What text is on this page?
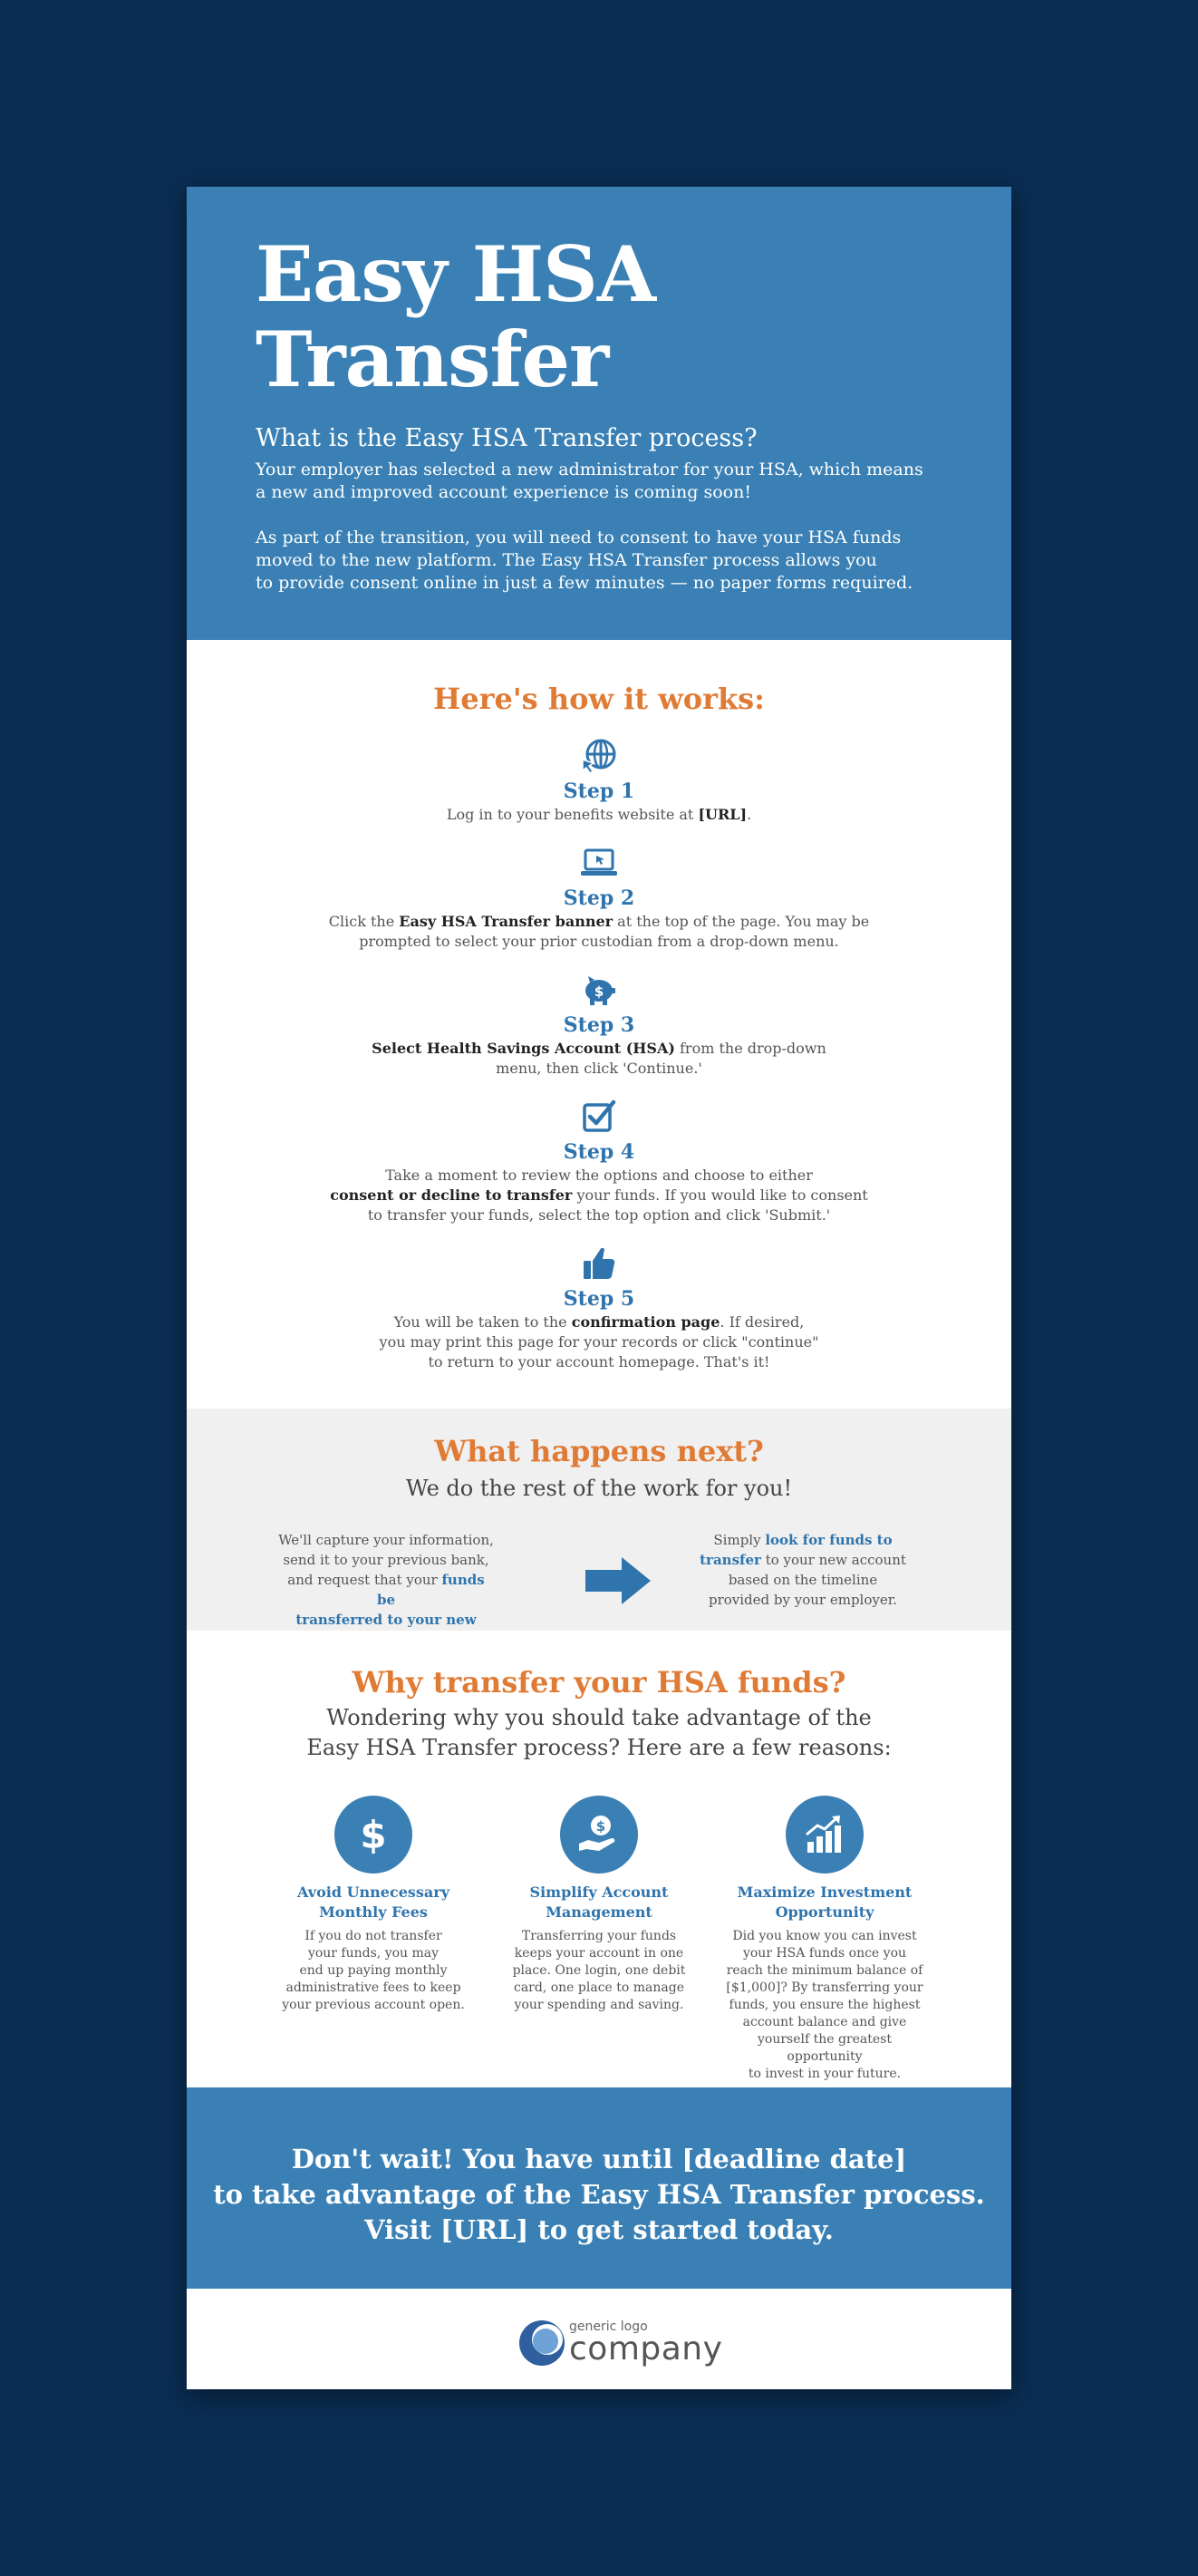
Easy HSA
Transfer
What is the Easy HSA Transfer process?

Your employer has selected a new administrator for your HSA, which means
a new and improved account experience is coming soon!

As part of the transition, you will need to consent to have your HSA funds
moved to the new platform. The Easy HSA Transfer process allows you
to provide consent online in just a few minutes — no paper forms required.

Here's how it works:
Step 1

Log in to your benefits website at [URL].

Step 2

Click the Easy HSA Transfer banner at the top of the page. You may be
prompted to select your prior custodian from a drop-down menu.

$
Step 3

Select Health Savings Account (HSA) from the drop-down
menu, then click 'Continue.'

Step 4

Take a moment to review the options and choose to either
consent or decline to transfer your funds. If you would like to consent
to transfer your funds, select the top option and click 'Submit.'

Step 5

You will be taken to the confirmation page. If desired,
you may print this page for your records or click "continue"
to return to your account homepage. That's it!

What happens next?

We do the rest of the work for you!

We'll capture your information,
send it to your previous bank,
and request that your funds be
transferred to your new
Simply look for funds to
transfer to your new account
based on the timeline
provided by your employer.
Why transfer your HSA funds?

Wondering why you should take advantage of the
Easy HSA Transfer process? Here are a few reasons:

$
Avoid Unnecessary
Monthly Fees

If you do not transfer
your funds, you may
end up paying monthly
administrative fees to keep
your previous account open.

$
Simplify Account
Management

Transferring your funds
keeps your account in one
place. One login, one debit
card, one place to manage
your spending and saving.

Maximize Investment
Opportunity

Did you know you can invest
your HSA funds once you
reach the minimum balance of
[$1,000]? By transferring your
funds, you ensure the highest
account balance and give
yourself the greatest opportunity
to invest in your future.

Don't wait! You have until [deadline date]
to take advantage of the Easy HSA Transfer process.
Visit [URL] to get started today.

generic logo
company
